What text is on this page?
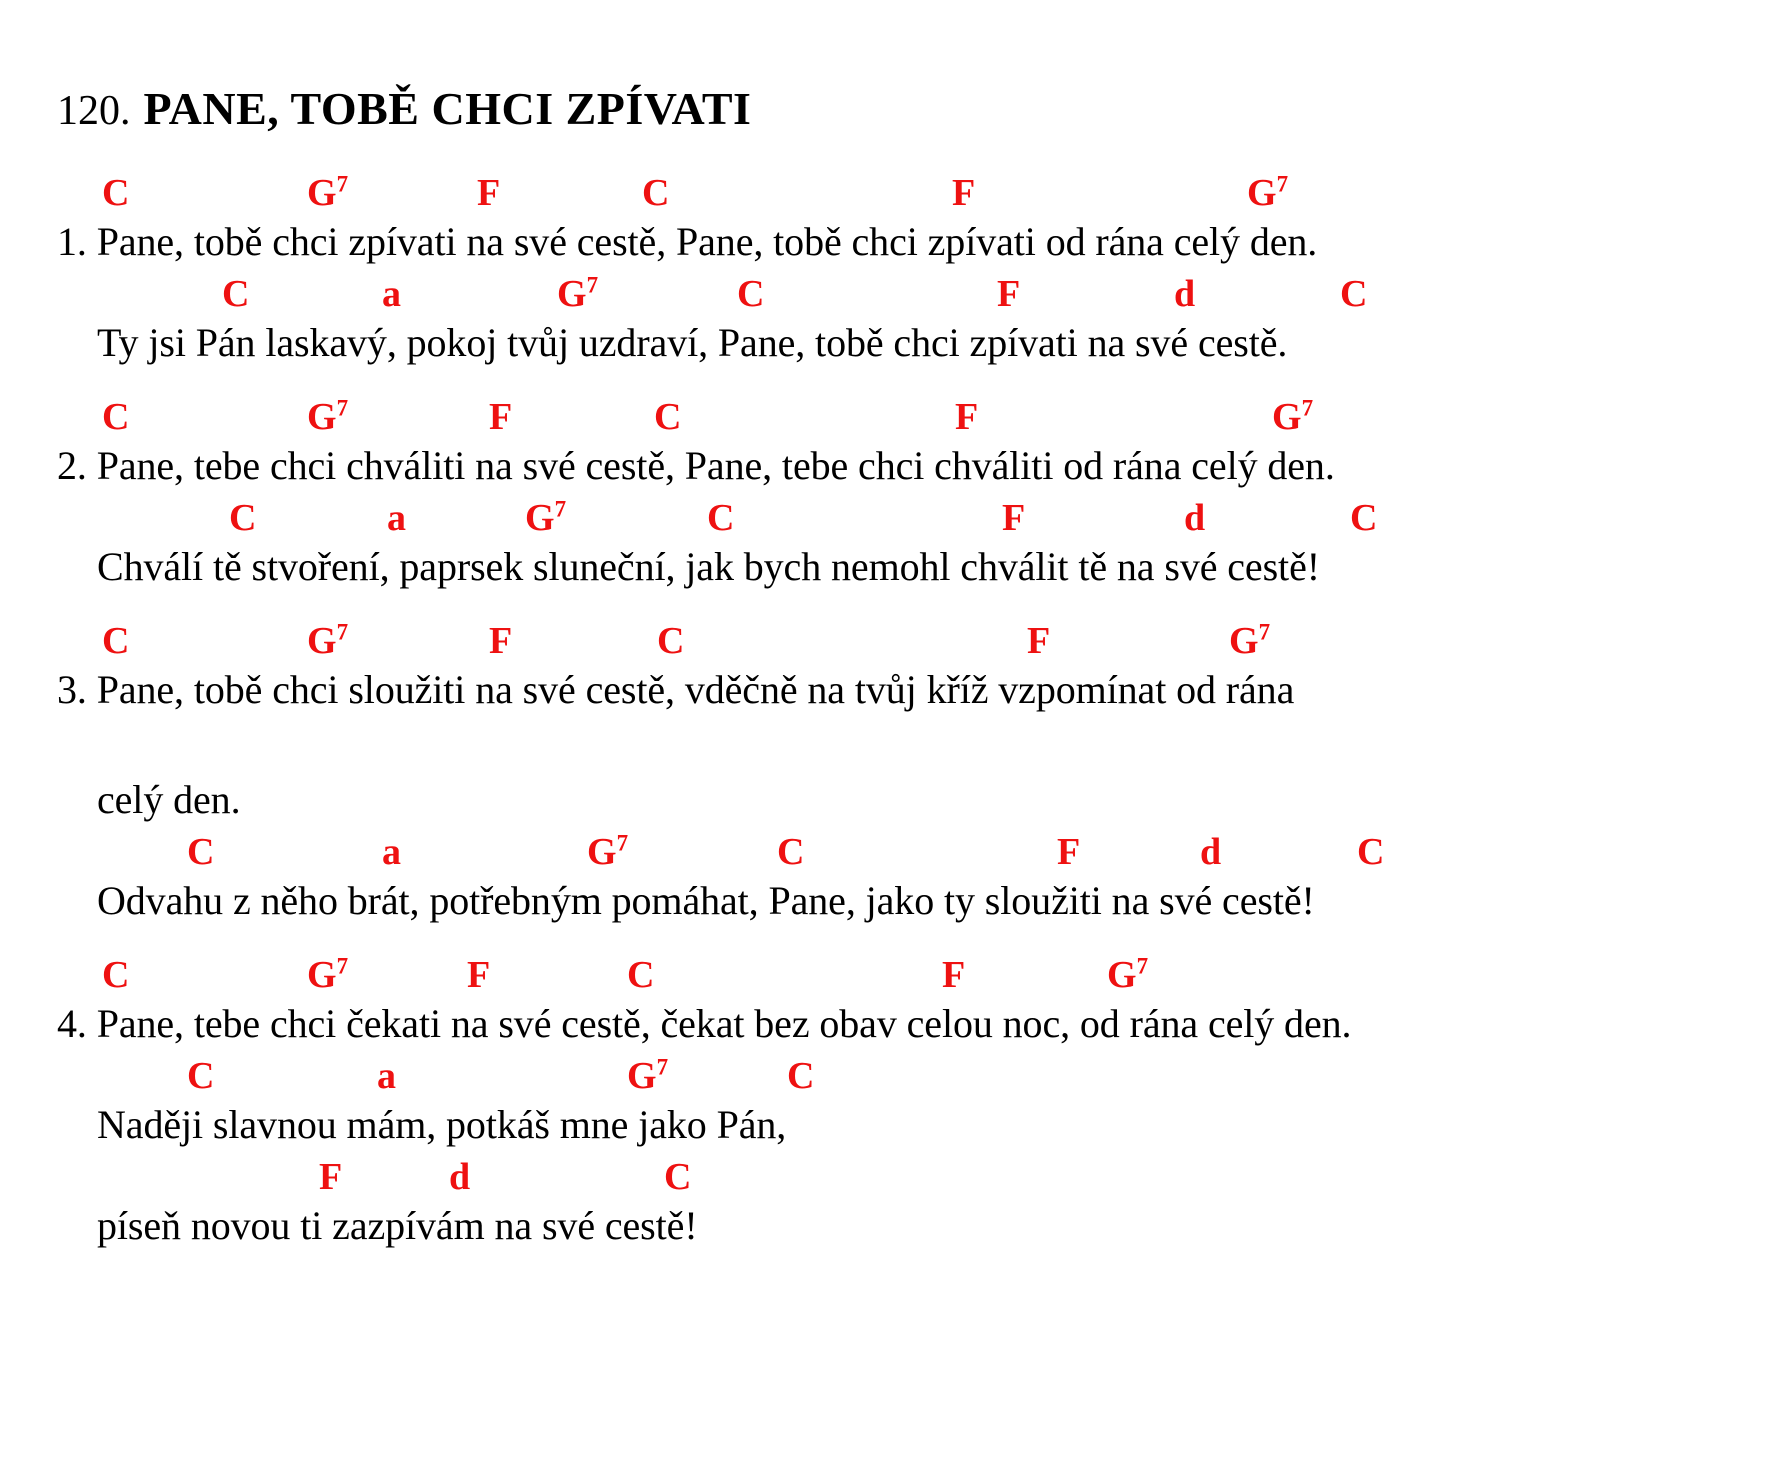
120. PANE, TOBĚ CHCI ZPÍVATI
C	$G^7$	F	C	F	$G^7$
1. Pane, tobě chci zpívati na své cestě, Pane, tobě chci zpívati od rána celý den.
C	a	$G^7$	C	F	d	C
Ty jsi Pán laskavý, pokoj tvůj uzdraví, Pane, tobě chci zpívati na své cestě.
C	$G^7$	F	C	F	$G^7$
2. Pane, tebe chci chváliti na své cestě, Pane, tebe chci chváliti od rána celý den.
C	a	$G^7$	C	F	d	C
Chválí tě stvoření, paprsek sluneční, jak bych nemohl chválit tě na své cestě!
C	$G^7$	F	C	F	$G^7$
3. Pane, tobě chci sloužiti na své cestě, vděčně na tvůj kříž vzpomínat od rána
celý den.
C	a	$G^7$	C	F	d	C
Odvahu z něho brát, potřebným pomáhat, Pane, jako ty sloužiti na své cestě!
C	$G^7$	F	C	F	$G^7$
4. Pane, tebe chci čekati na své cestě, čekat bez obav celou noc, od rána celý den.
C	a	$G^7$	C
Naději slavnou mám, potkáš mne jako Pán,
F	d	C
píseň novou ti zazpívám na své cestě!
